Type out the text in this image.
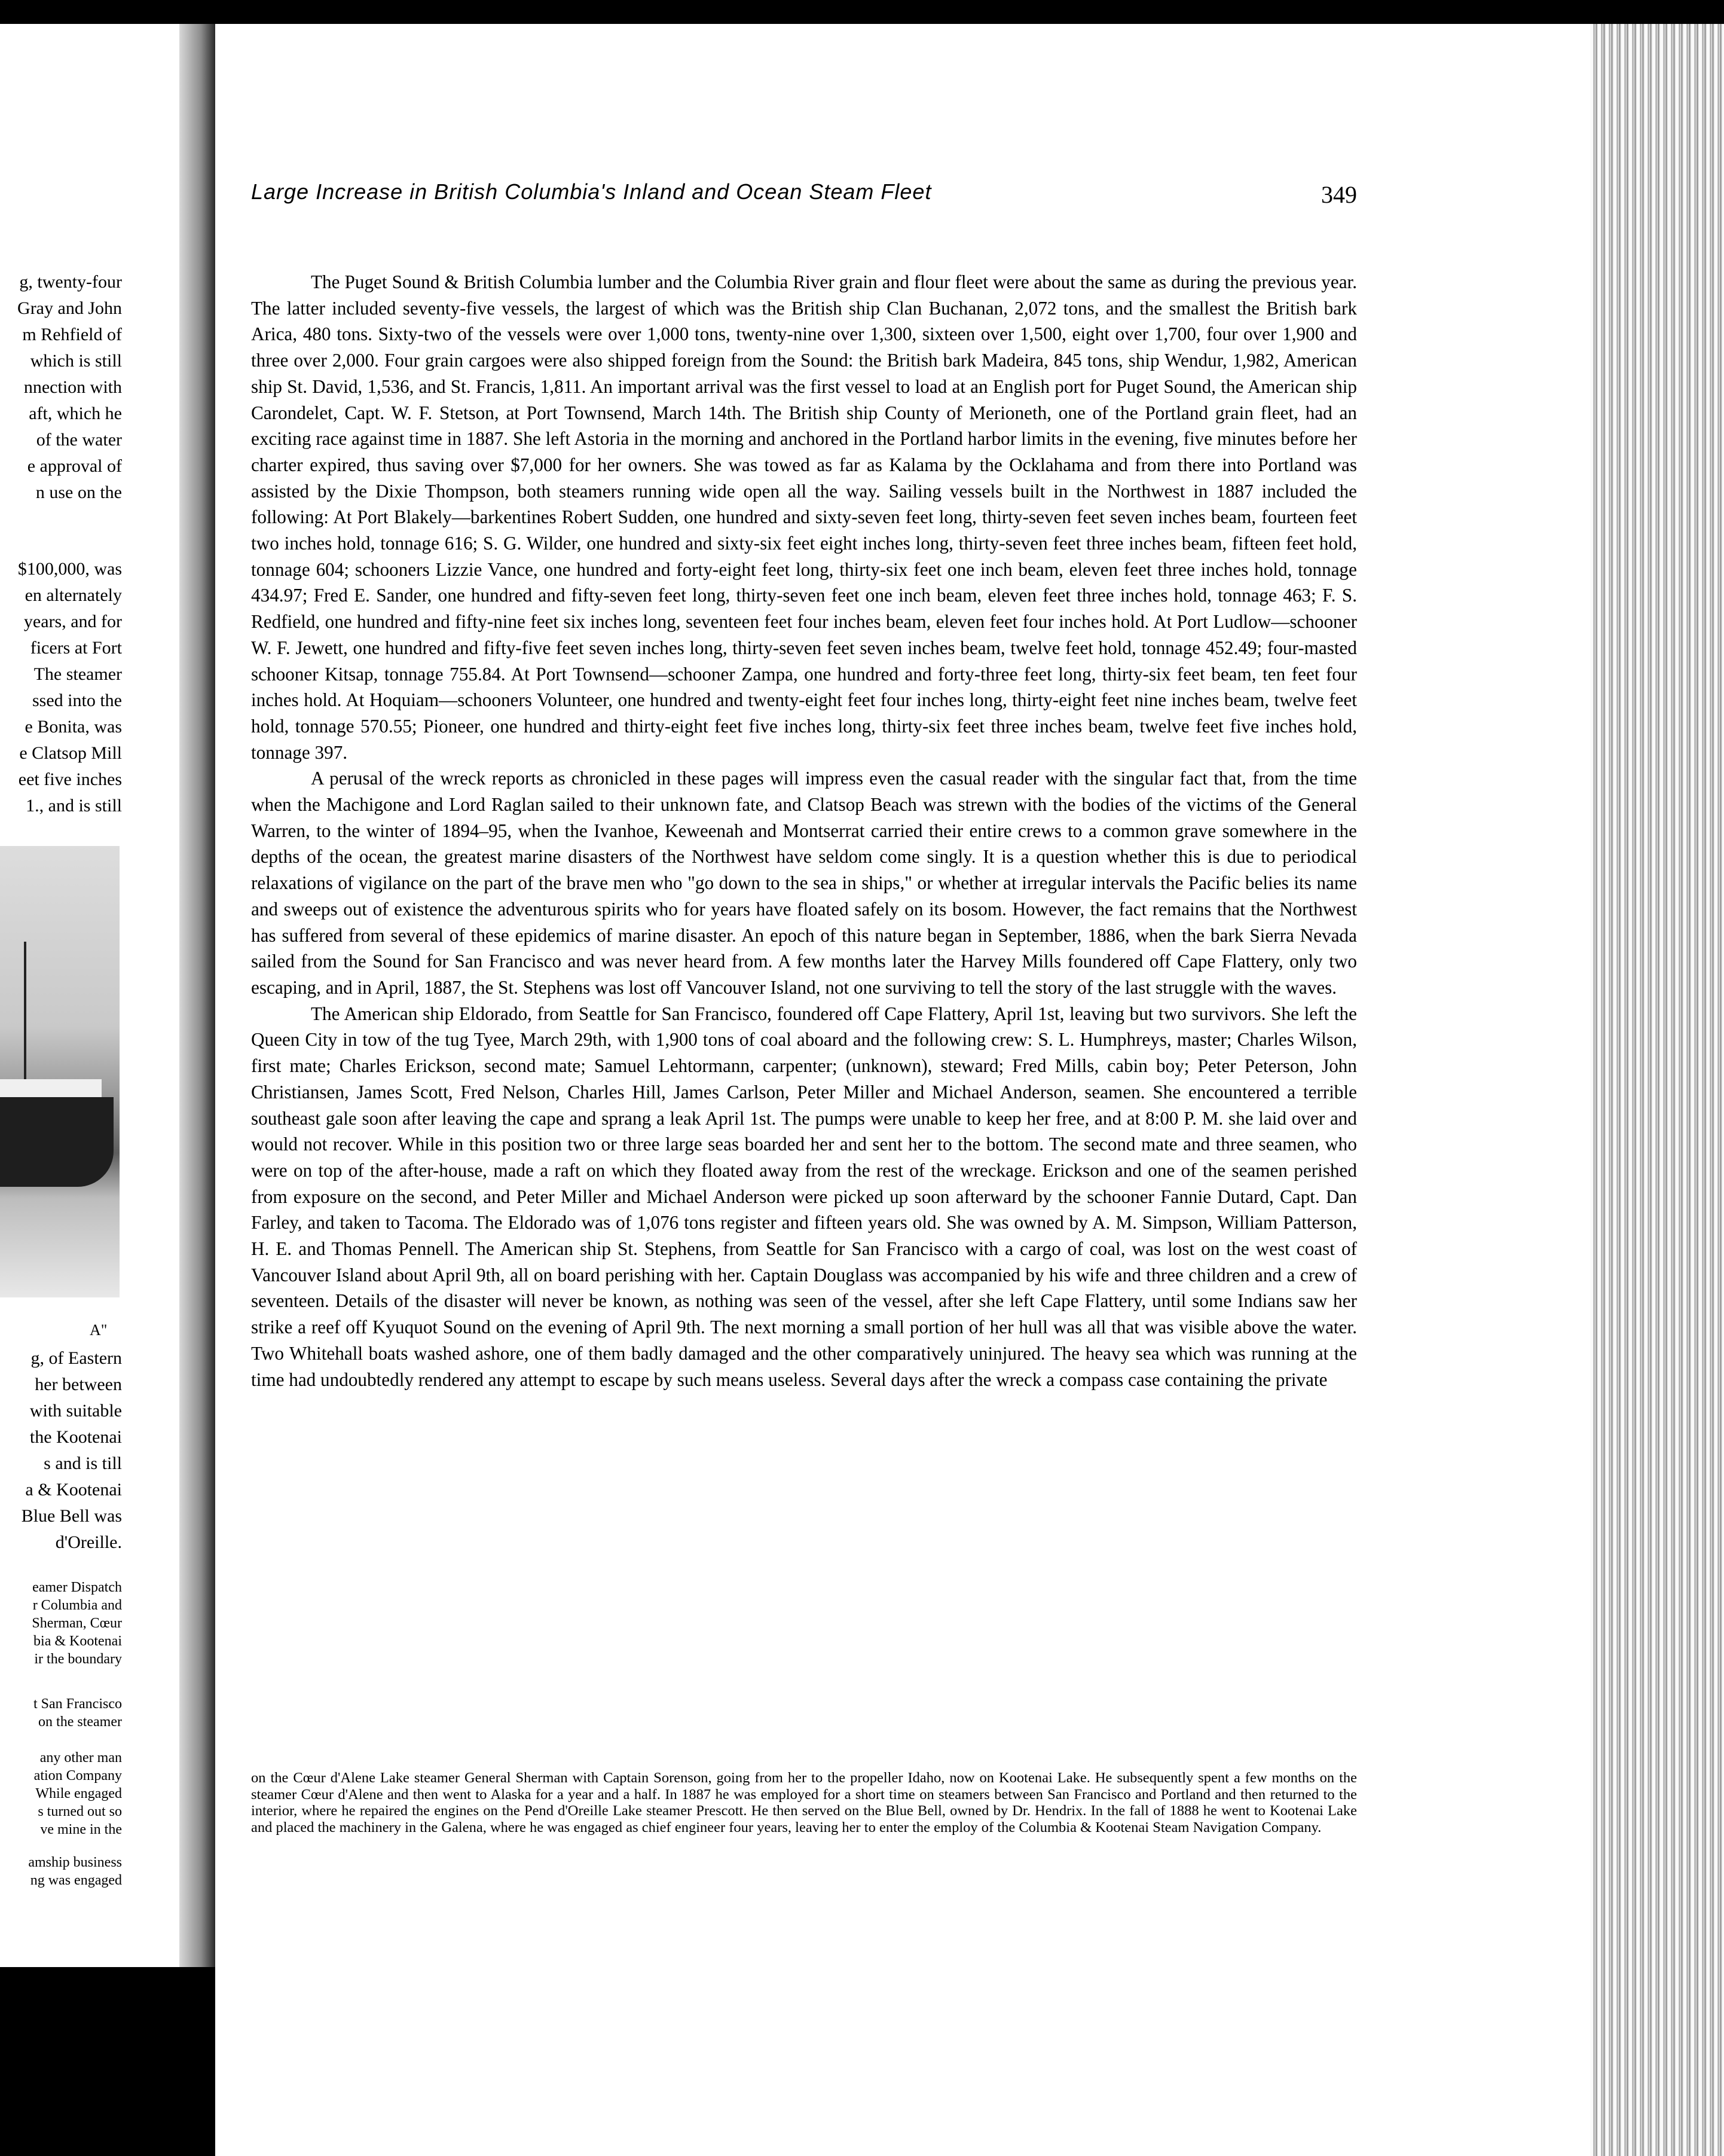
g, twenty-four
Gray and John
m Rehfield of
which is still
nnection with
aft, which he
of the water
e approval of
n use on the
$100,000, was
en alternately
years, and for
ficers at Fort
The steamer
ssed into the
e Bonita, was
e Clatsop Mill
eet five inches
1., and is still
A"
g, of Eastern
her between
with suitable
the Kootenai
s and is till
a & Kootenai
Blue Bell was
d'Oreille.
eamer Dispatch
r Columbia and
Sherman, Cœur
bia & Kootenai
ir the boundary
t San Francisco
on the steamer
any other man
ation Company
While engaged
s turned out so
ve mine in the
amship business
ng was engaged
Large Increase in British Columbia's Inland and Ocean Steam Fleet	349

The Puget Sound & British Columbia lumber and the Columbia River grain and flour fleet were about the same as during the previous year. The latter included seventy-five vessels, the largest of which was the British ship Clan Buchanan, 2,072 tons, and the smallest the British bark Arica, 480 tons. Sixty-two of the vessels were over 1,000 tons, twenty-nine over 1,300, sixteen over 1,500, eight over 1,700, four over 1,900 and three over 2,000. Four grain cargoes were also shipped foreign from the Sound: the British bark Madeira, 845 tons, ship Wendur, 1,982, American ship St. David, 1,536, and St. Francis, 1,811. An important arrival was the first vessel to load at an English port for Puget Sound, the American ship Carondelet, Capt. W. F. Stetson, at Port Townsend, March 14th. The British ship County of Merioneth, one of the Portland grain fleet, had an exciting race against time in 1887. She left Astoria in the morning and anchored in the Portland harbor limits in the evening, five minutes before her charter expired, thus saving over $7,000 for her owners. She was towed as far as Kalama by the Ocklahama and from there into Portland was assisted by the Dixie Thompson, both steamers running wide open all the way. Sailing vessels built in the Northwest in 1887 included the following: At Port Blakely—barkentines Robert Sudden, one hundred and sixty-seven feet long, thirty-seven feet seven inches beam, fourteen feet two inches hold, tonnage 616; S. G. Wilder, one hundred and sixty-six feet eight inches long, thirty-seven feet three inches beam, fifteen feet hold, tonnage 604; schooners Lizzie Vance, one hundred and forty-eight feet long, thirty-six feet one inch beam, eleven feet three inches hold, tonnage 434.97; Fred E. Sander, one hundred and fifty-seven feet long, thirty-seven feet one inch beam, eleven feet three inches hold, tonnage 463; F. S. Redfield, one hundred and fifty-nine feet six inches long, seventeen feet four inches beam, eleven feet four inches hold. At Port Ludlow—schooner W. F. Jewett, one hundred and fifty-five feet seven inches long, thirty-seven feet seven inches beam, twelve feet hold, tonnage 452.49; four-masted schooner Kitsap, tonnage 755.84. At Port Townsend—schooner Zampa, one hundred and forty-three feet long, thirty-six feet beam, ten feet four inches hold. At Hoquiam—schooners Volunteer, one hundred and twenty-eight feet four inches long, thirty-eight feet nine inches beam, twelve feet hold, tonnage 570.55; Pioneer, one hundred and thirty-eight feet five inches long, thirty-six feet three inches beam, twelve feet five inches hold, tonnage 397.

A perusal of the wreck reports as chronicled in these pages will impress even the casual reader with the singular fact that, from the time when the Machigone and Lord Raglan sailed to their unknown fate, and Clatsop Beach was strewn with the bodies of the victims of the General Warren, to the winter of 1894–95, when the Ivanhoe, Keweenah and Montserrat carried their entire crews to a common grave somewhere in the depths of the ocean, the greatest marine disasters of the Northwest have seldom come singly. It is a question whether this is due to periodical relaxations of vigilance on the part of the brave men who "go down to the sea in ships," or whether at irregular intervals the Pacific belies its name and sweeps out of existence the adventurous spirits who for years have floated safely on its bosom. However, the fact remains that the Northwest has suffered from several of these epidemics of marine disaster. An epoch of this nature began in September, 1886, when the bark Sierra Nevada sailed from the Sound for San Francisco and was never heard from. A few months later the Harvey Mills foundered off Cape Flattery, only two escaping, and in April, 1887, the St. Stephens was lost off Vancouver Island, not one surviving to tell the story of the last struggle with the waves.

The American ship Eldorado, from Seattle for San Francisco, foundered off Cape Flattery, April 1st, leaving but two survivors. She left the Queen City in tow of the tug Tyee, March 29th, with 1,900 tons of coal aboard and the following crew: S. L. Humphreys, master; Charles Wilson, first mate; Charles Erickson, second mate; Samuel Lehtormann, carpenter; (unknown), steward; Fred Mills, cabin boy; Peter Peterson, John Christiansen, James Scott, Fred Nelson, Charles Hill, James Carlson, Peter Miller and Michael Anderson, seamen. She encountered a terrible southeast gale soon after leaving the cape and sprang a leak April 1st. The pumps were unable to keep her free, and at 8:00 P. M. she laid over and would not recover. While in this position two or three large seas boarded her and sent her to the bottom. The second mate and three seamen, who were on top of the after-house, made a raft on which they floated away from the rest of the wreckage. Erickson and one of the seamen perished from exposure on the second, and Peter Miller and Michael Anderson were picked up soon afterward by the schooner Fannie Dutard, Capt. Dan Farley, and taken to Tacoma. The Eldorado was of 1,076 tons register and fifteen years old. She was owned by A. M. Simpson, William Patterson, H. E. and Thomas Pennell. The American ship St. Stephens, from Seattle for San Francisco with a cargo of coal, was lost on the west coast of Vancouver Island about April 9th, all on board perishing with her. Captain Douglass was accompanied by his wife and three children and a crew of seventeen. Details of the disaster will never be known, as nothing was seen of the vessel, after she left Cape Flattery, until some Indians saw her strike a reef off Kyuquot Sound on the evening of April 9th. The next morning a small portion of her hull was all that was visible above the water. Two Whitehall boats washed ashore, one of them badly damaged and the other comparatively uninjured. The heavy sea which was running at the time had undoubtedly rendered any attempt to escape by such means useless. Several days after the wreck a compass case containing the private

on the Cœur d'Alene Lake steamer General Sherman with Captain Sorenson, going from her to the propeller Idaho, now on Kootenai Lake. He subsequently spent a few months on the steamer Cœur d'Alene and then went to Alaska for a year and a half. In 1887 he was employed for a short time on steamers between San Francisco and Portland and then returned to the interior, where he repaired the engines on the Pend d'Oreille Lake steamer Prescott. He then served on the Blue Bell, owned by Dr. Hendrix. In the fall of 1888 he went to Kootenai Lake and placed the machinery in the Galena, where he was engaged as chief engineer four years, leaving her to enter the employ of the Columbia & Kootenai Steam Navigation Company.
